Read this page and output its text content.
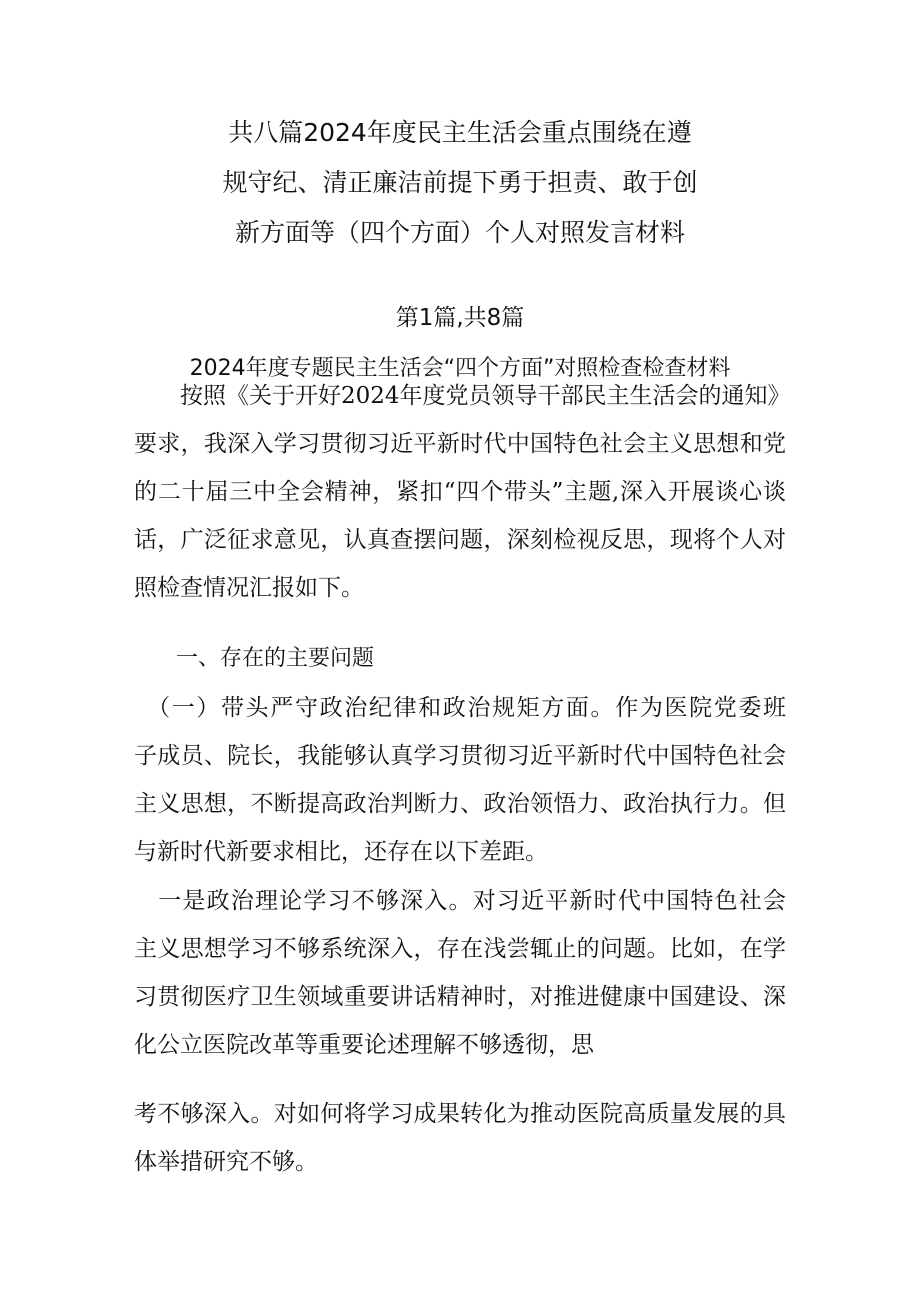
共八篇2024年度民主生活会重点围绕在遵
规守纪、清正廉洁前提下勇于担责、敢于创
新方面等（四个方面）个人对照发言材料
第1篇,共8篇
2024年度专题民主生活会“四个方面”对照检查检查材料
　　按照《关于开好2024年度党员领导干部民主生活会的通知》
要求，我深入学习贯彻习近平新时代中国特色社会主义思想和党
的二十届三中全会精神，紧扣“四个带头”主题,深入开展谈心谈
话，广泛征求意见，认真查摆问题，深刻检视反思，现将个人对
照检查情况汇报如下。
一、存在的主要问题
　（一）带头严守政治纪律和政治规矩方面。作为医院党委班
子成员、院长，我能够认真学习贯彻习近平新时代中国特色社会
主义思想，不断提高政治判断力、政治领悟力、政治执行力。但
与新时代新要求相比，还存在以下差距。
　一是政治理论学习不够深入。对习近平新时代中国特色社会
主义思想学习不够系统深入，存在浅尝辄止的问题。比如，在学
习贯彻医疗卫生领域重要讲话精神时，对推进健康中国建设、深
化公立医院改革等重要论述理解不够透彻，思
考不够深入。对如何将学习成果转化为推动医院高质量发展的具
体举措研究不够。
